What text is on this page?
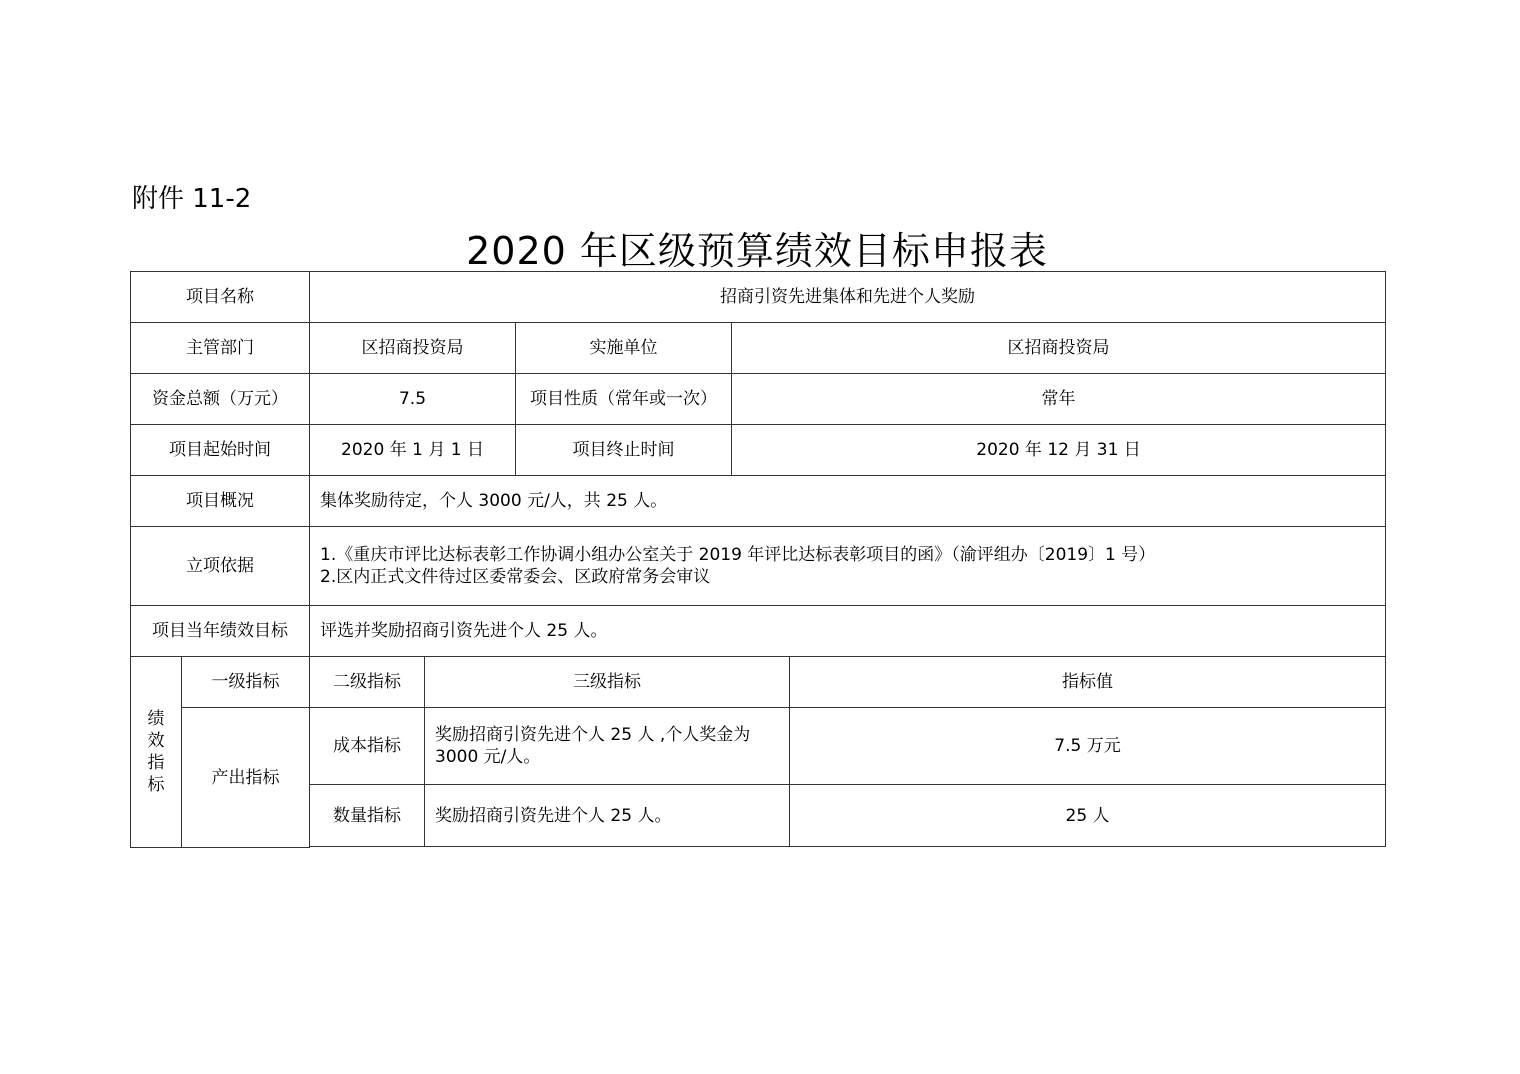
附件 11-2
2020 年区级预算绩效目标申报表
项目名称		招商引资先进集体和先进个人奖励				
主管部门		区招商投资局		实施单位	区招商投资局	
资金总额（万元）		7.5		项目性质（常年或一次）	常年	
项目起始时间		2020 年 1 月 1 日		项目终止时间	2020 年 12 月 31 日	
项目概况		集体奖励待定，个人 3000 元/人，共 25 人。				
立项依据		1.《重庆市评比达标表彰工作协调小组办公室关于 2019 年评比达标表彰项目的函》（渝评组办〔2019〕1 号）
2.区内正式文件待过区委常委会、区政府常务会审议				

项目当年绩效目标		评选并奖励招商引资先进个人 25 人。				

绩
效
指
标	一级指标	二级指标	三级指标			指标值
	产出指标	成本指标	奖励招商引资先进个人 25 人 ,个人奖金为 3000 元/人。			7.5 万元
		数量指标	奖励招商引资先进个人 25 人。			25 人
